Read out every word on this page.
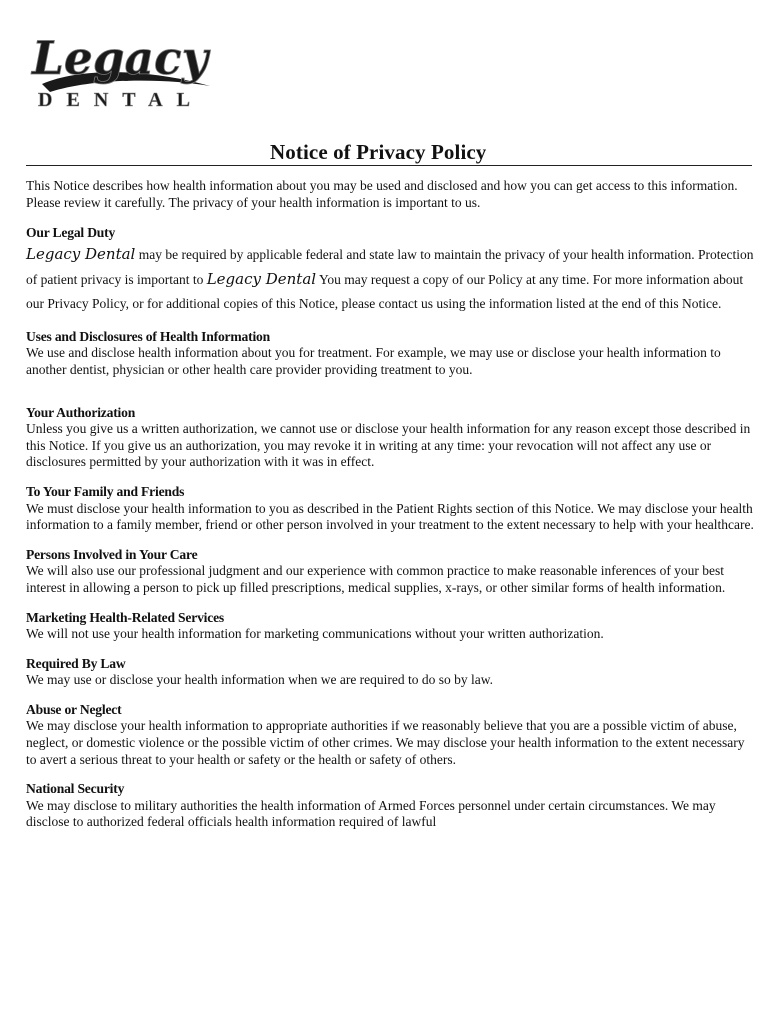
Legacy
DENTAL
Notice of Privacy Policy

This Notice describes how health information about you may be used and disclosed and how you can get access to this information. Please review it carefully. The privacy of your health information is important to us.

Our Legal Duty

Legacy Dental may be required by applicable federal and state law to maintain the privacy of your health information. Protection of patient privacy is important to Legacy Dental You may request a copy of our Policy at any time. For more information about our Privacy Policy, or for additional copies of this Notice, please contact us using the information listed at the end of this Notice.

Uses and Disclosures of Health Information

We use and disclose health information about you for treatment. For example, we may use or disclose your health information to another dentist, physician or other health care provider providing treatment to you.

Your Authorization

Unless you give us a written authorization, we cannot use or disclose your health information for any reason except those described in this Notice. If you give us an authorization, you may revoke it in writing at any time: your revocation will not affect any use or disclosures permitted by your authorization with it was in effect.

To Your Family and Friends

We must disclose your health information to you as described in the Patient Rights section of this Notice. We may disclose your health information to a family member, friend or other person involved in your treatment to the extent necessary to help with your healthcare.

Persons Involved in Your Care

We will also use our professional judgment and our experience with common practice to make reasonable inferences of your best interest in allowing a person to pick up filled prescriptions, medical supplies, x-rays, or other similar forms of health information.

Marketing Health-Related Services

We will not use your health information for marketing communications without your written authorization.

Required By Law

We may use or disclose your health information when we are required to do so by law.

Abuse or Neglect

We may disclose your health information to appropriate authorities if we reasonably believe that you are a possible victim of abuse, neglect, or domestic violence or the possible victim of other crimes. We may disclose your health information to the extent necessary to avert a serious threat to your health or safety or the health or safety of others.

National Security

We may disclose to military authorities the health information of Armed Forces personnel under certain circumstances. We may disclose to authorized federal officials health information required of lawful
